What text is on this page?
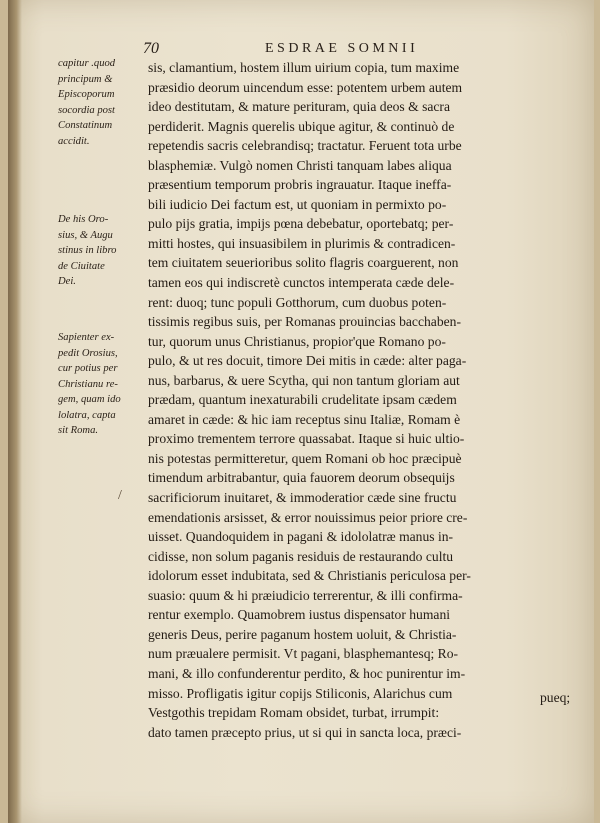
70	ESDRAE SOMNII
capitur .quod
principum &
Episcoporum
socordia post
Constatinum
accidit.
De his Oro-
sius, & Augu
stinus in libro
de Ciuitate
Dei.
Sapienter ex-
pedit Orosius,
cur potius per
Christianu re-
gem, quam ido
lolatra, capta
sit Roma.
/
sis, clamantium, hostem illum uirium copia, tum maxime
præsidio deorum uincendum esse: potentem urbem autem
ideo destitutam, & mature perituram, quia deos & sacra
perdiderit. Magnis querelis ubique agitur, & continuò de
repetendis sacris celebrandisq; tractatur. Feruent tota urbe
blasphemiæ. Vulgò nomen Christi tanquam labes aliqua
præsentium temporum probris ingrauatur. Itaque ineffa-
bili iudicio Dei factum est, ut quoniam in permixto po-
pulo pijs gratia, impijs pœna debebatur, oportebatq; per-
mitti hostes, qui insuasibilem in plurimis & contradicen-
tem ciuitatem seuerioribus solito flagris coarguerent, non
tamen eos qui indiscretè cunctos intemperata cæde dele-
rent: duoq; tunc populi Gotthorum, cum duobus poten-
tissimis regibus suis, per Romanas prouincias bacchaben-
tur, quorum unus Christianus, propior'que Romano po-
pulo, & ut res docuit, timore Dei mitis in cæde: alter paga-
nus, barbarus, & uere Scytha, qui non tantum gloriam aut
prædam, quantum inexaturabili crudelitate ipsam cædem
amaret in cæde: & hic iam receptus sinu Italiæ, Romam è
proximo trementem terrore quassabat. Itaque si huic ultio-
nis potestas permitteretur, quem Romani ob hoc præcipuè
timendum arbitrabantur, quia fauorem deorum obsequijs
sacrificiorum inuitaret, & immoderatior cæde sine fructu
emendationis arsisset, & error nouissimus peior priore cre-
uisset. Quandoquidem in pagani & idololatræ manus in-
cidisse, non solum paganis residuis de restaurando cultu
idolorum esset indubitata, sed & Christianis periculosa per-
suasio: quum & hi præiudicio terrerentur, & illi confirma-
rentur exemplo. Quamobrem iustus dispensator humani
generis Deus, perire paganum hostem uoluit, & Christia-
num præualere permisit. Vt pagani, blasphemantesq; Ro-
mani, & illo confunderentur perdito, & hoc punirentur im-
misso. Profligatis igitur copijs Stiliconis, Alarichus cum
Vestgothis trepidam Romam obsidet, turbat, irrumpit:
dato tamen præcepto prius, ut si qui in sancta loca, præci-
pueq;
